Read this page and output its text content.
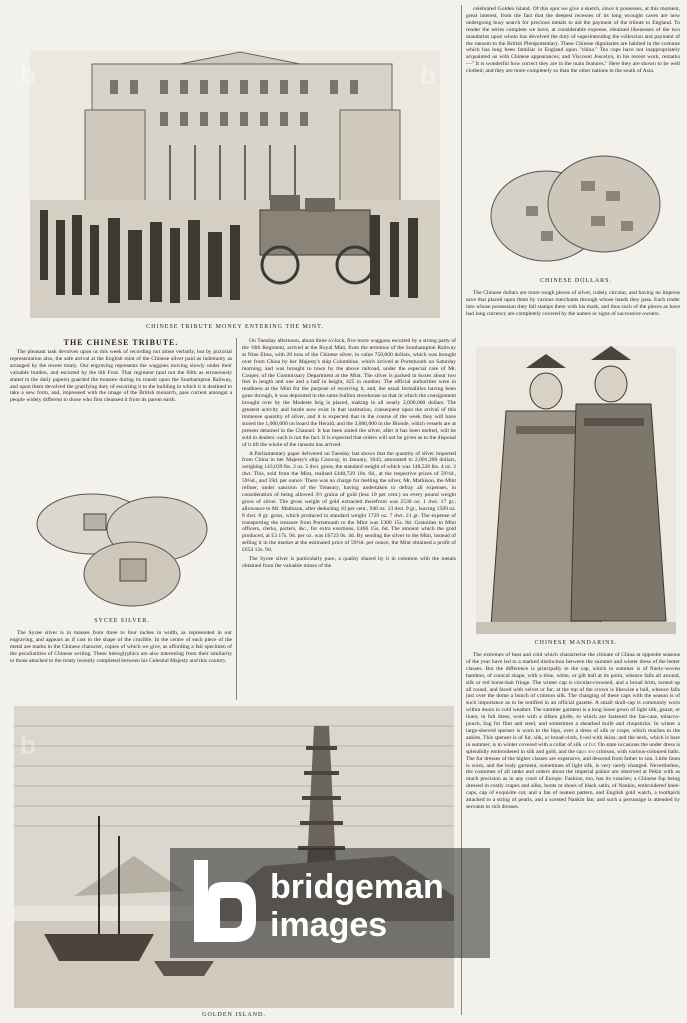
CHINESE TRIBUTE MONEY ENTERING THE MINT.
THE CHINESE TRIBUTE.

The pleasant task devolves upon us this week of recording not alone verbally, but by pictorial representation also, the safe arrival at the English mint of the Chinese silver paid as indemnity as arranged by the recent treaty. Our engraving represents the waggons moving slowly under their valuable burden, and escorted by the 6th Foot. That regiment (and not the 60th as erroneously stated in the daily papers) guarded the treasure during its transit upon the Southampton Railway, and upon them devolved the gratifying duty of escorting it to the building in which it is destined to take a new form, and, impressed with the image of the British monarch, pass current amongst a people widely different to those who first cleansed it from its parent earth.

SYCEE SILVER.

The Sycee silver is in masses from three to four inches in width, as represented in our engraving, and appears as if cast to the shape of the crucible. In the centre of each piece of the metal are marks in the Chinese character, copies of which we give, as affording a fair specimen of the peculiarities of Chinese writing. These hieroglyphics are also interesting from their similarity to those attached to the treaty recently completed between his Celestial Majesty and this country.

On Tuesday afternoon, about three o'clock, five more waggons escorted by a strong party of the 10th Regiment, arrived at the Royal Mint, from the terminus of the Southampton Railway at Nine Elms, with 20 tons of the Chinese silver, in value 750,000 dollars, which was brought over from China by her Majesty's ship Columbine, which arrived at Portsmouth on Saturday morning, and was brought to town by the above railroad, under the especial care of Mr. Cooper, of the Commissary Department at the Mint. The silver is packed in boxes about two feet in length and one and a half in height, 425 in number. The official authorities were in readiness at the Mint for the purpose of receiving it, and, the usual formalities having been gone through, it was deposited in the same bullion storehouse as that in which the consignment brought over by the Modeste brig is placed, making in all nearly 2,000,000 dollars. The greatest activity and bustle now exist in that institution, consequent upon the arrival of this immense quantity of silver, and it is expected that in the course of the week they will have stored the 1,000,000 on board the Herald, and the 3,000,000 in the Blonde, which vessels are at present detained in the Channel. It has been stated the silver, after it has been melted, will be sold to dealers: such is not the fact. It is expected that orders will not be given as to the disposal of it till the whole of the ransom has arrived.

A Parliamentary paper delivered on Tuesday last shows that the quantity of silver imported from China in her Majesty's ship Conway, in January, 1843, amounted to 2,001,200 dollars, weighing 143,039 lbs. 2 oz. 5 dwt. gross, the standard weight of which was 148,526 lbs. 4 oz. 2 dwt. This, sold from the Mint, realised £440,729 10s. 6d., at the respective prices of 59½d., 59¼d., and 59d. per ounce. There was no charge for melting the silver, Mr. Mathison, the Mint refiner, under sanction of the Treasury, having undertaken to defray all expenses, in consideration of being allowed 3½ grains of gold (less 10 per cent.) on every pound weight gross of silver. The gross weight of gold extracted therefrom was 2530 oz. 1 dwt. 17 gr.; allowance to Mr. Mathison, after deducting 10 per cent., 940 oz. 13 dwt. 9 gr., leaving 1589 oz. 8 dwt. 8 gr. gross, which produced in standard weight 1729 oz. 7 dwt. 21 gr. The expense of transporting the treasure from Portsmouth to the Mint was £300 15s. 8d. Gratuities to Mint officers, clerks, porters, &c., for extra exertions, £466 15s. 6d. The amount which the gold produced, at £3 17s. 9d. per oz. was £6723 0s. 4d. By sending the silver to the Mint, instead of selling it in the market at the estimated price of 59½d. per ounce, the Mint obtained a profit of £654 12s. 9d.

The Sycee silver is particularly pure, a quality shared by it in common with the metals obtained from the valuable mines of the

celebrated Golden Island. Of this spot we give a sketch, since it possesses, at this moment, great interest, from the fact that the deepest recesses of its long wrought caves are now undergoing busy search for precious metals to aid the payment of the tribute to England. To render the series complete we have, at considerable expense, obtained likenesses of the two mandarins upon whom has devolved the duty of superintending the collection and payment of the ransom to the British Plenipotentiary. These Chinese dignitaries are habited in the costume which has long been familiar in England upon "china." Tea cups have not inappropriately acquainted us with Chinese appearances; and Viscount Joscelyn, in his recent work, remarks—" It is wonderful how correct they are in the main features." Here they are shown to be well clothed; and they are more completely so than the other nations in the south of Asia.

CHINESE DOLLARS.

The Chinese dollars are more rough pieces of silver, rudely circular, and having no impress save that placed upon them by various merchants through whose hands they pass. Each trader into whose possession they fall stamps them with his mark, and thus such of the pieces as have had long currency are completely covered by the names or signs of successive owners.

CHINESE MANDARINS.

The extremes of heat and cold which characterise the climate of China at opposite seasons of the year have led to a marked distinction between the summer and winter dress of the better classes. But the difference is principally in the cap, which in summer is of finely-woven bamboo, of conical shape, with a blue, white, or gilt ball at its point, whence falls all around, silk or red horse-hair fringe. The winter cap is circular-crowned, and a broad brim, turned up all round, and faced with velvet or fur; at the top of the crown is likewise a ball, whence falls just over the dome a bunch of crimson silk. The changing of these caps with the season is of such importance as to be notified in an official gazette. A small skull-cap is commonly worn within doors in cold weather. The summer garment is a long loose gown of light silk, gauze, or linen; in full dress, worn with a silken girdle, to which are fastened the fan-case, tobacco-pouch, bag for flint and steel, and sometimes a sheathed knife and chopsticks. In winter a large-sleeved spenser is worn to the hips, over a dress of silk or crape, which reaches to the ankles. This spenser is of fur, silk, or broad-cloth, lined with skins; and the neck, which is bare in summer, is in winter covered with a collar of silk or fur. On state occasions the under dress is splendidly embroidered in silk and gold, and the caps are crimson, with various-coloured balls. The fur dresses of the higher classes are expensive, and descend from father to son. Little linen is worn, and the body garment, sometimes of light silk, is very rarely changed. Nevertheless, the costumes of all ranks and orders about the imperial palace are observed at Pekin with as much precision as in any court of Europe. Fashion, too, has its votaries; a Chinese fop being dressed in costly crapes and silks, boots or shoes of black satin, of Nankin, embroidered knee-caps, cap of exquisite cut, and a fan of neatest pattern, and English gold watch, a toothpick attached to a string of pearls, and a scented Nankin fan; and such a personage is attended by servants in rich dresses.

GOLDEN ISLAND.
b	b
b	b
bridgeman
images
